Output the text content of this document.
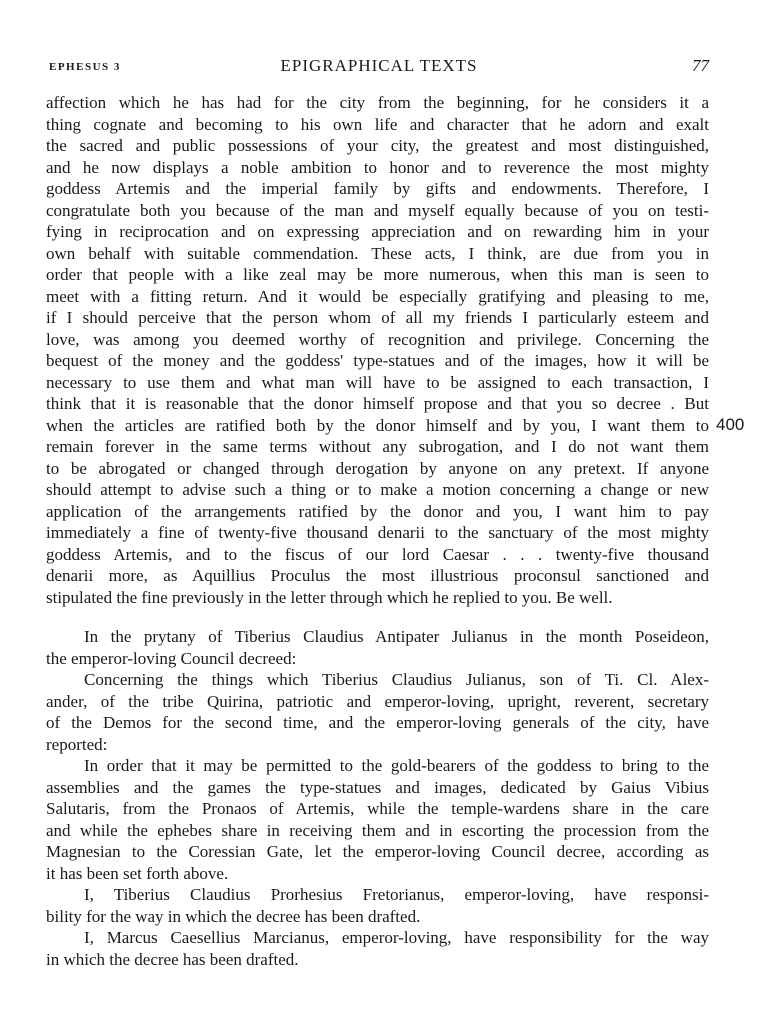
EPHESUS 3	EPIGRAPHICAL TEXTS	77
affection which he has had for the city from the beginning, for he considers it a
thing cognate and becoming to his own life and character that he adorn and exalt
the sacred and public possessions of your city, the greatest and most distinguished,
and he now displays a noble ambition to honor and to reverence the most mighty
goddess Artemis and the imperial family by gifts and endowments. Therefore, I
congratulate both you because of the man and myself equally because of you on testi-
fying in reciprocation and on expressing appreciation and on rewarding him in your
own behalf with suitable commendation. These acts, I think, are due from you in
order that people with a like zeal may be more numerous, when this man is seen to
meet with a fitting return. And it would be especially gratifying and pleasing to me,
if I should perceive that the person whom of all my friends I particularly esteem and
love, was among you deemed worthy of recognition and privilege. Concerning the
bequest of the money and the goddess' type-statues and of the images, how it will be
necessary to use them and what man will have to be assigned to each transaction, I
think that it is reasonable that the donor himself propose and that you so decree . But
when the articles are ratified both by the donor himself and by you, I want them to
remain forever in the same terms without any subrogation, and I do not want them
to be abrogated or changed through derogation by anyone on any pretext. If anyone
should attempt to advise such a thing or to make a motion concerning a change or new
application of the arrangements ratified by the donor and you, I want him to pay
immediately a fine of twenty-five thousand denarii to the sanctuary of the most mighty
goddess Artemis, and to the fiscus of our lord Caesar . . . twenty-five thousand
denarii more, as Aquillius Proculus the most illustrious proconsul sanctioned and
stipulated the fine previously in the letter through which he replied to you. Be well.
400
In the prytany of Tiberius Claudius Antipater Julianus in the month Poseideon,
the emperor-loving Council decreed:
Concerning the things which Tiberius Claudius Julianus, son of Ti. Cl. Alex-
ander, of the tribe Quirina, patriotic and emperor-loving, upright, reverent, secretary
of the Demos for the second time, and the emperor-loving generals of the city, have
reported:
In order that it may be permitted to the gold-bearers of the goddess to bring to the
assemblies and the games the type-statues and images, dedicated by Gaius Vibius
Salutaris, from the Pronaos of Artemis, while the temple-wardens share in the care
and while the ephebes share in receiving them and in escorting the procession from the
Magnesian to the Coressian Gate, let the emperor-loving Council decree, according as
it has been set forth above.
I, Tiberius Claudius Prorhesius Fretorianus, emperor-loving, have responsi-
bility for the way in which the decree has been drafted.
I, Marcus Caesellius Marcianus, emperor-loving, have responsibility for the way
in which the decree has been drafted.
